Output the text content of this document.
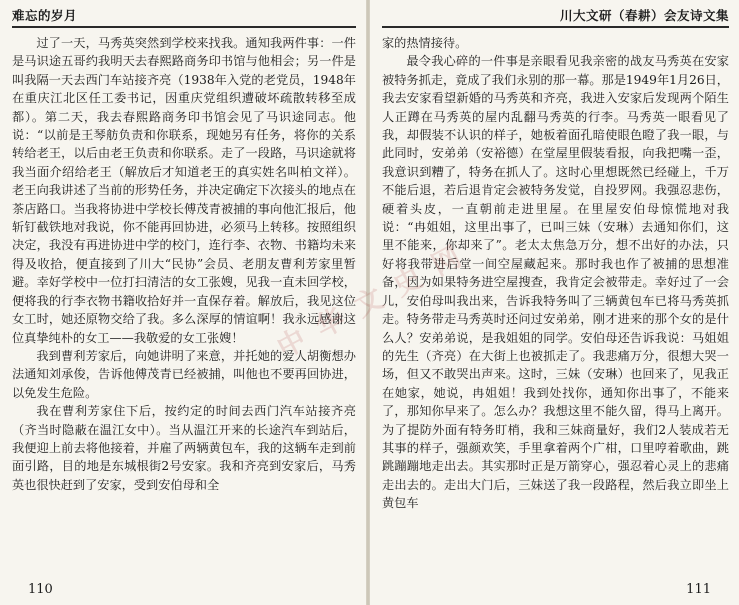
难忘的岁月

过了一天，马秀英突然到学校来找我。通知我两件事：一件是马识途五哥约我明天去春熙路商务印书馆与他相会；另一件是叫我隔一天去西门车站接齐亮（1938年入党的老党员，1948年在重庆江北区任工委书记，因重庆党组织遭破坏疏散转移至成都）。第二天，我去春熙路商务印书馆会见了马识途同志。他说：“以前是王琴舫负责和你联系，现她另有任务，将你的关系转给老王，以后由老王负责和你联系。走了一段路，马识途就将我当面介绍给老王（解放后才知道老王的真实姓名叫柏文祥）。老王向我讲述了当前的形势任务，并决定确定下次接头的地点在茶店路口。当我将协进中学校长傅茂青被捕的事向他汇报后，他斩钉截铁地对我说，你不能再回协进，必须马上转移。按照组织决定，我没有再进协进中学的校门，连行李、衣物、书籍均未来得及收拾，便直接到了川大“民协”会员、老朋友曹利芳家里暂避。幸好学校中一位打扫清洁的女工张嫂，见我一直未回学校，便将我的行李衣物书籍收拾好并一直保存着。解放后，我见这位女工时，她还原物交给了我。多么深厚的情谊啊！我永远感谢这位真挚纯朴的女工——我敬爱的女工张嫂！

我到曹利芳家后，向她讲明了来意，并托她的爱人胡衡想办法通知刘承俊，告诉他傅茂青已经被捕，叫他也不要再回协进，以免发生危险。

我在曹利芳家住下后，按约定的时间去西门汽车站接齐亮（齐当时隐蔽在温江女中）。当从温江开来的长途汽车到站后，我便迎上前去将他接着，并雇了两辆黄包车，我的这辆车走到前面引路，目的地是东城根街2号安家。我和齐亮到安家后，马秀英也很快赶到了安家，受到安伯母和全

110
川大文研（春耕）会友诗文集

家的热情接待。

最令我心碎的一件事是亲眼看见我亲密的战友马秀英在安家被特务抓走，竟成了我们永别的那一幕。那是1949年1月26日，我去安家看望新婚的马秀英和齐亮，我进入安家后发现两个陌生人正蹲在马秀英的屋内乱翻马秀英的行李。马秀英一眼看见了我，却假装不认识的样子，她板着面孔暗使眼色瞪了我一眼，与此同时，安弟弟（安裕德）在堂屋里假装看报，向我把嘴一歪，我意识到糟了，特务在抓人了。这时心里想既然已经碰上，千万不能后退，若后退肯定会被特务发觉，自投罗网。我强忍悲伤，硬着头皮，一直朝前走进里屋。在里屋安伯母惊慌地对我说：“冉姐姐，这里出事了，已叫三妹（安琳）去通知你们，这里不能来，你却来了”。老太太焦急万分，想不出好的办法，只好将我带进后堂一间空屋藏起来。那时我也作了被捕的思想准备，因为如果特务进空屋搜查，我肯定会被带走。幸好过了一会儿，安伯母叫我出来，告诉我特务叫了三辆黄包车已将马秀英抓走。特务带走马秀英时还问过安弟弟，刚才进来的那个女的是什么人？安弟弟说，是我姐姐的同学。安伯母还告诉我说：马姐姐的先生（齐亮）在大街上也被抓走了。我悲痛万分，很想大哭一场，但又不敢哭出声来。这时，三妹（安琳）也回来了，见我正在她家，她说，冉姐姐！我到处找你，通知你出事了，不能来了，那知你早来了。怎么办？我想这里不能久留，得马上离开。为了提防外面有特务盯梢，我和三妹商量好，我们2人装成若无其事的样子，强颜欢笑，手里拿着两个广柑，口里哼着歌曲，跳跳蹦蹦地走出去。其实那时正是万箭穿心，强忍着心灵上的悲痛走出去的。走出大门后，三妹送了我一段路程，然后我立即坐上黄包车

111
